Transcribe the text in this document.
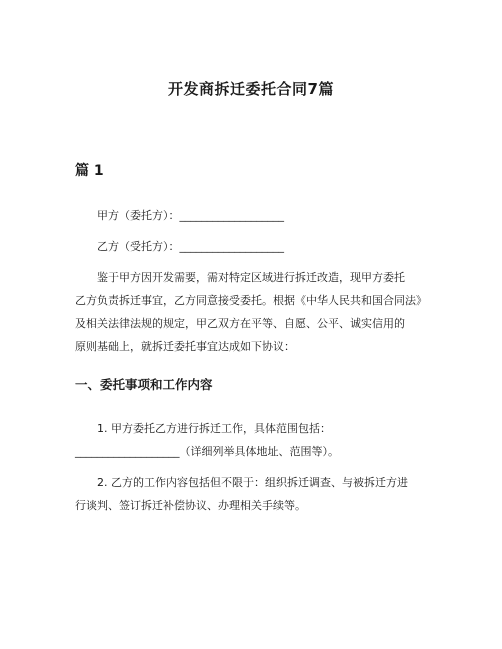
开发商拆迁委托合同7篇
篇 1
甲方（委托方）：___________________
乙方（受托方）：___________________
鉴于甲方因开发需要，需对特定区域进行拆迁改造，现甲方委托
乙方负责拆迁事宜，乙方同意接受委托。根据《中华人民共和国合同法》
及相关法律法规的规定，甲乙双方在平等、自愿、公平、诚实信用的
原则基础上，就拆迁委托事宜达成如下协议：
一、委托事项和工作内容
1. 甲方委托乙方进行拆迁工作，具体范围包括：
___________________（详细列举具体地址、范围等）。
2. 乙方的工作内容包括但不限于：组织拆迁调查、与被拆迁方进
行谈判、签订拆迁补偿协议、办理相关手续等。
